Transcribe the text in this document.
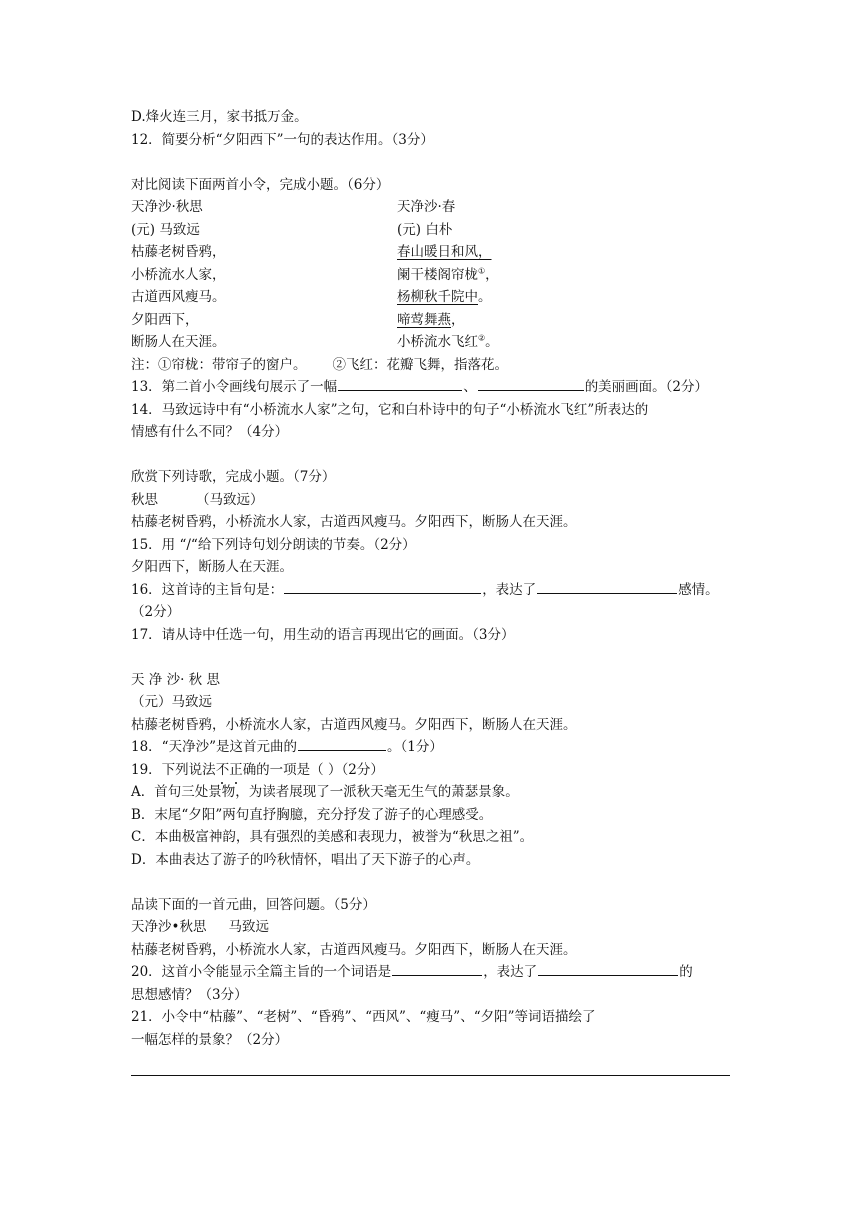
D.烽火连三月，家书抵万金。
12．简要分析“夕阳西下”一句的表达作用。（3分）
对比阅读下面两首小令，完成小题。（6分）
天净沙·秋思	天净沙·春
(元) 马致远	(元) 白朴
枯藤老树昏鸦，	春山暖日和风，
小桥流水人家，	阑干楼阁帘栊①，
古道西风瘦马。	杨柳秋千院中。
夕阳西下，	啼莺舞燕，
断肠人在天涯。	小桥流水飞红②。
注：①帘栊：带帘子的窗户。 ②飞红：花瓣飞舞，指落花。
13．第二首小令画线句展示了一幅	、	的美丽画面。（2分）
14．马致远诗中有“小桥流水人家”之句，它和白朴诗中的句子“小桥流水飞红”所表达的
情感有什么不同？（4分）
欣赏下列诗歌，完成小题。（7分）
秋思	（马致远）
枯藤老树昏鸦，小桥流水人家，古道西风瘦马。夕阳西下，断肠人在天涯。
15．用 “/“给下列诗句划分朗读的节奏。（2分）
夕阳西下，断肠人在天涯。
16．这首诗的主旨句是：	，表达了	感情。
（2分）
17．请从诗中任选一句，用生动的语言再现出它的画面。（3分）
天 净 沙· 秋 思
（元）马致远
枯藤老树昏鸦，小桥流水人家，古道西风瘦马。夕阳西下，断肠人在天涯。
18．“天净沙”是这首元曲的	。（1分）
19．下列说法不正确的一项是（ ）（2分）
A．首句三处景物，为读者展现了一派秋天毫无生气的萧瑟景象。
B．末尾“夕阳”两句直抒胸臆，充分抒发了游子的心理感受。
C．本曲极富神韵，具有强烈的美感和表现力，被誉为“秋思之祖”。
D．本曲表达了游子的吟秋情怀，唱出了天下游子的心声。
品读下面的一首元曲，回答问题。（5分）
天净沙•秋思 马致远
枯藤老树昏鸦，小桥流水人家，古道西风瘦马。夕阳西下，断肠人在天涯。
20．这首小令能显示全篇主旨的一个词语是	，表达了	的
思想感情？（3分）
21．小令中“枯藤”、“老树”、“昏鸦”、“西风”、“瘦马”、“夕阳”等词语描绘了
一幅怎样的景象？（2分）
